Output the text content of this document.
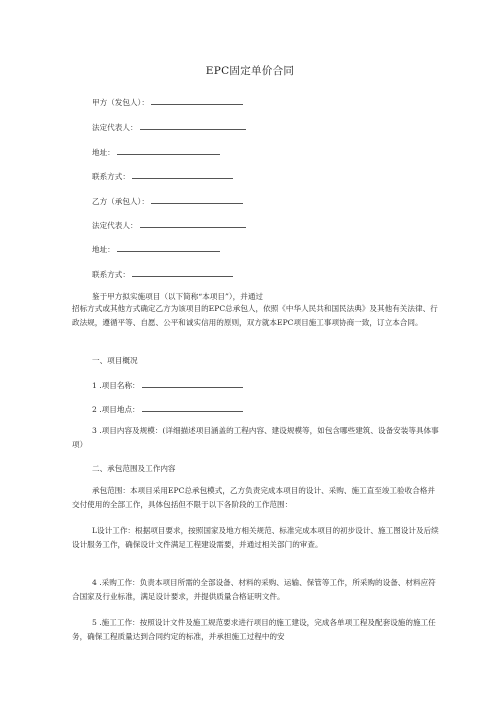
EPC固定单价合同
甲方（发包人）：
法定代表人：
地址：
联系方式：
乙方（承包人）：
法定代表人：
地址：
联系方式：
鉴于甲方拟实施项目（以下简称“本项目”），并通过
招标方式或其他方式确定乙方为该项目的EPC总承包人，依照《中华人民共和国民法典》及其他有关法律、行政法规，遵循平等、自愿、公平和诚实信用的原则，双方就本EPC项目施工事项协商一致，订立本合同。
一、项目概况
1 .项目名称：
2 .项目地点：
3 .项目内容及规模：(详细描述项目涵盖的工程内容、建设规模等，如包含哪些建筑、设备安装等具体事项）
二、承包范围及工作内容
承包范围：本项目采用EPC总承包模式，乙方负责完成本项目的设计、采购、施工直至竣工验收合格并交付使用的全部工作，具体包括但不限于以下各阶段的工作范围：
L设计工作：根据项目要求，按照国家及地方相关规范、标准完成本项目的初步设计、施工图设计及后续设计服务工作，确保设计文件满足工程建设需要，并通过相关部门的审查。
4 .采购工作：负责本项目所需的全部设备、材料的采购、运输、保管等工作，所采购的设备、材料应符合国家及行业标准，满足设计要求，并提供质量合格证明文件。
5 .施工工作：按照设计文件及施工规范要求进行项目的施工建设，完成各单项工程及配套设施的施工任务，确保工程质量达到合同约定的标准，并承担施工过程中的安
